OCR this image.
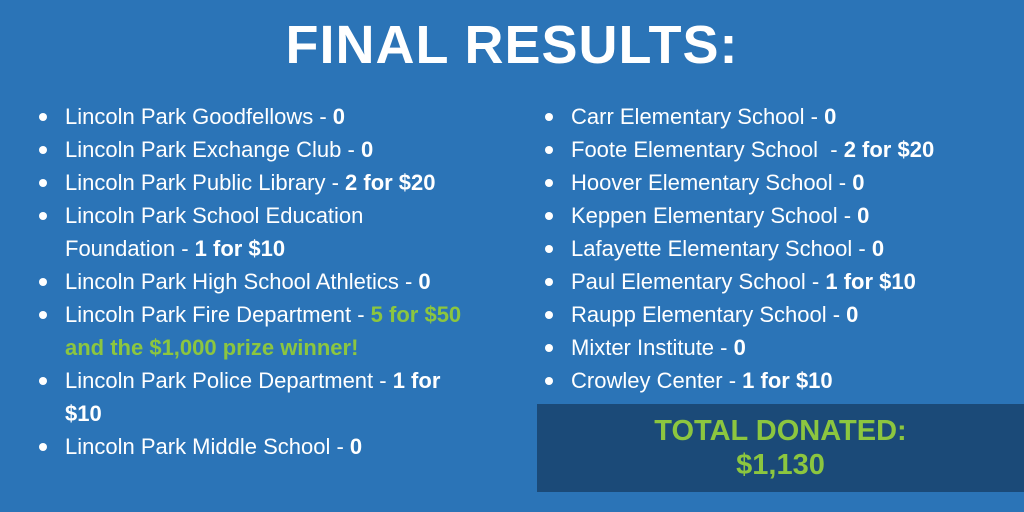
FINAL RESULTS:
Lincoln Park Goodfellows - 0
Lincoln Park Exchange Club - 0
Lincoln Park Public Library - 2 for $20
Lincoln Park School Education Foundation - 1 for $10
Lincoln Park High School Athletics - 0
Lincoln Park Fire Department - 5 for $50 and the $1,000 prize winner!
Lincoln Park Police Department - 1 for $10
Lincoln Park Middle School - 0
Carr Elementary School - 0
Foote Elementary School  - 2 for $20
Hoover Elementary School - 0
Keppen Elementary School - 0
Lafayette Elementary School - 0
Paul Elementary School - 1 for $10
Raupp Elementary School - 0
Mixter Institute - 0
Crowley Center - 1 for $10
TOTAL DONATED:
$1,130
